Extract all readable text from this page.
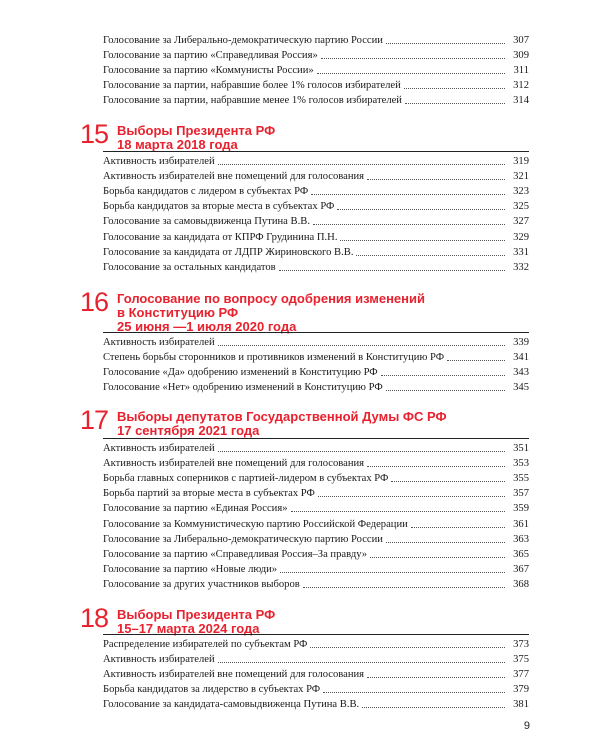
Голосование за Либерально-демократическую партию России	307
Голосование за партию «Справедливая Россия»	309
Голосование за партию «Коммунисты России»	311
Голосование за партии, набравшие более 1% голосов избирателей	312
Голосование за партии, набравшие менее 1% голосов избирателей	314
15 Выборы Президента РФ
18 марта 2018 года
Активность избирателей	319
Активность избирателей вне помещений для голосования	321
Борьба кандидатов с лидером в субъектах РФ	323
Борьба кандидатов за вторые места в субъектах РФ	325
Голосование за самовыдвиженца Путина В.В.	327
Голосование за кандидата от КПРФ Грудинина П.Н.	329
Голосование за кандидата от ЛДПР Жириновского В.В.	331
Голосование за остальных кандидатов	332
16 Голосование по вопросу одобрения изменений
в Конституцию РФ
25 июня —1 июля 2020 года
Активность избирателей	339
Степень борьбы сторонников и противников изменений в Конституцию РФ	341
Голосование «Да» одобрению изменений в Конституцию РФ	343
Голосование «Нет» одобрению изменений в Конституцию РФ	345
17 Выборы депутатов Государственной Думы ФС РФ
17 сентября 2021 года
Активность избирателей	351
Активность избирателей вне помещений для голосования	353
Борьба главных соперников с партией-лидером в субъектах РФ	355
Борьба партий за вторые места в субъектах РФ	357
Голосование за партию «Единая Россия»	359
Голосование за Коммунистическую партию Российской Федерации	361
Голосование за Либерально-демократическую партию России	363
Голосование за партию «Справедливая Россия–За правду»	365
Голосование за партию «Новые люди»	367
Голосование за других участников выборов	368
18 Выборы Президента РФ
15–17 марта 2024 года
Распределение избирателей по субъектам РФ	373
Активность избирателей	375
Активность избирателей вне помещений для голосования	377
Борьба кандидатов за лидерство в субъектах РФ	379
Голосование за кандидата-самовыдвиженца Путина В.В.	381
9
